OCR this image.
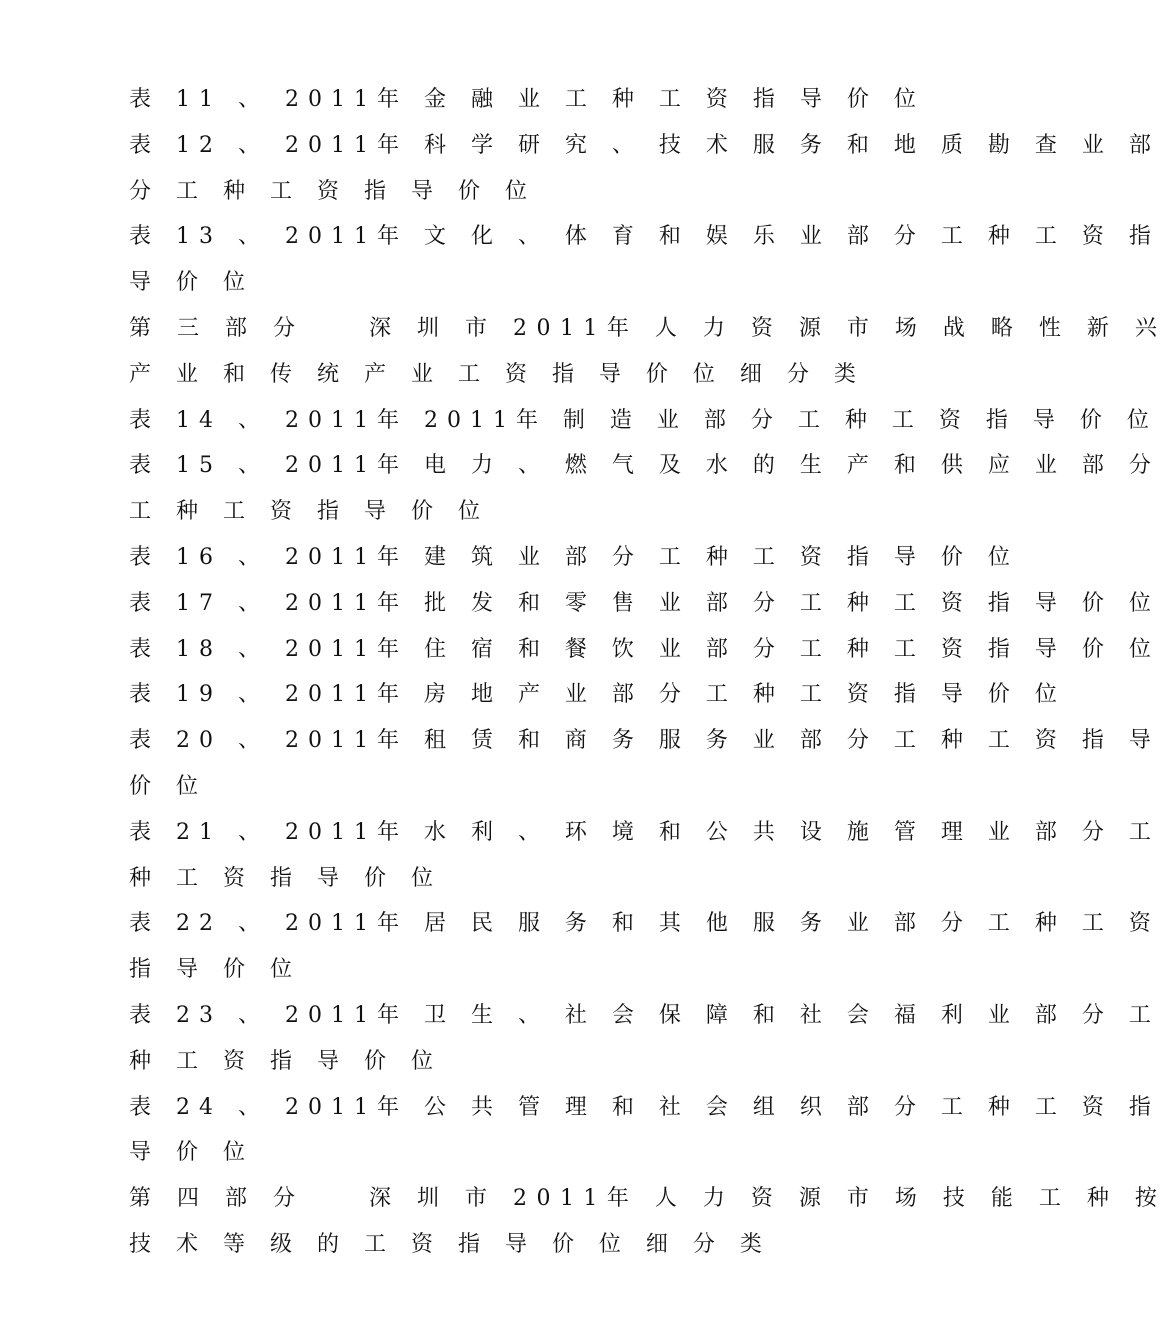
表 11 、 2011年 金 融 业 工 种 工 资 指 导 价 位
表 12 、 2011年 科 学 研 究 、 技 术 服 务 和 地 质 勘 查 业 部
分 工 种 工 资 指 导 价 位
表 13 、 2011年 文 化 、 体 育 和 娱 乐 业 部 分 工 种 工 资 指
导 价 位
第 三 部 分 　 深 圳 市 2011年 人 力 资 源 市 场 战 略 性 新 兴
产 业 和 传 统 产 业 工 资 指 导 价 位 细 分 类
表 14 、 2011年 2011年 制 造 业 部 分 工 种 工 资 指 导 价 位
表 15 、 2011年 电 力 、 燃 气 及 水 的 生 产 和 供 应 业 部 分
工 种 工 资 指 导 价 位
表 16 、 2011年 建 筑 业 部 分 工 种 工 资 指 导 价 位
表 17 、 2011年 批 发 和 零 售 业 部 分 工 种 工 资 指 导 价 位
表 18 、 2011年 住 宿 和 餐 饮 业 部 分 工 种 工 资 指 导 价 位
表 19 、 2011年 房 地 产 业 部 分 工 种 工 资 指 导 价 位
表 20 、 2011年 租 赁 和 商 务 服 务 业 部 分 工 种 工 资 指 导
价 位
表 21 、 2011年 水 利 、 环 境 和 公 共 设 施 管 理 业 部 分 工
种 工 资 指 导 价 位
表 22 、 2011年 居 民 服 务 和 其 他 服 务 业 部 分 工 种 工 资
指 导 价 位
表 23 、 2011年 卫 生 、 社 会 保 障 和 社 会 福 利 业 部 分 工
种 工 资 指 导 价 位
表 24 、 2011年 公 共 管 理 和 社 会 组 织 部 分 工 种 工 资 指
导 价 位
第 四 部 分 　 深 圳 市 2011年 人 力 资 源 市 场 技 能 工 种 按
技 术 等 级 的 工 资 指 导 价 位 细 分 类
